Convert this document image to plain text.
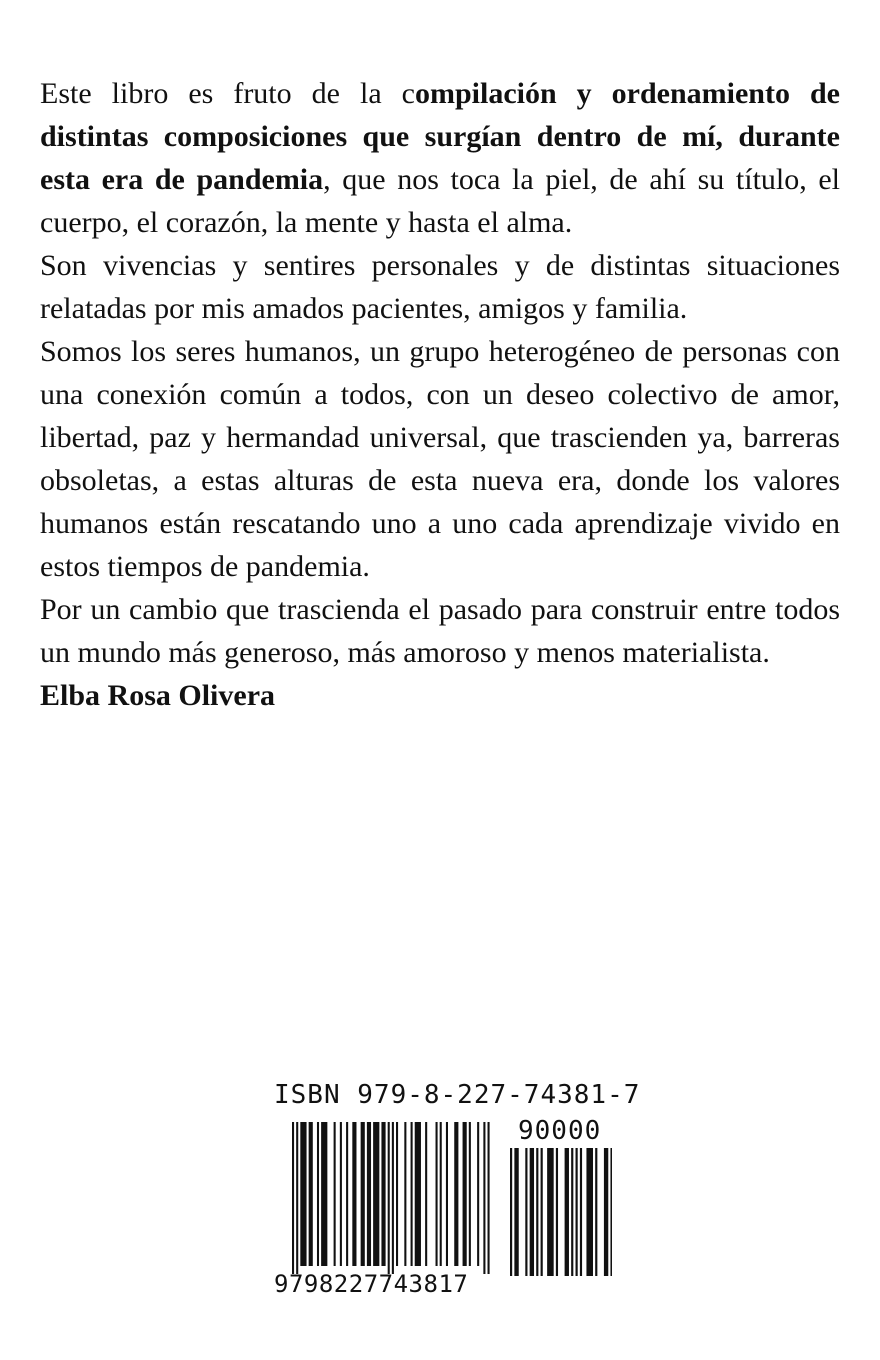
Este libro es fruto de la compilación y ordenamiento de distintas composiciones que surgían dentro de mí, durante esta era de pandemia, que nos toca la piel, de ahí su título, el cuerpo, el corazón, la mente y hasta el alma.

Son vivencias y sentires personales y de distintas situaciones relatadas por mis amados pacientes, amigos y familia.

Somos los seres humanos, un grupo heterogéneo de personas con una conexión común a todos, con un deseo colectivo de amor, libertad, paz y hermandad universal, que trascienden ya, barreras obsoletas, a estas alturas de esta nueva era, donde los valores humanos están rescatando uno a uno cada aprendizaje vivido en estos tiempos de pandemia.

Por un cambio que trascienda el pasado para construir entre todos un mundo más generoso, más amoroso y menos materialista.

Elba Rosa Olivera

ISBN 979-8-227-74381-7
90000
9798227743817
